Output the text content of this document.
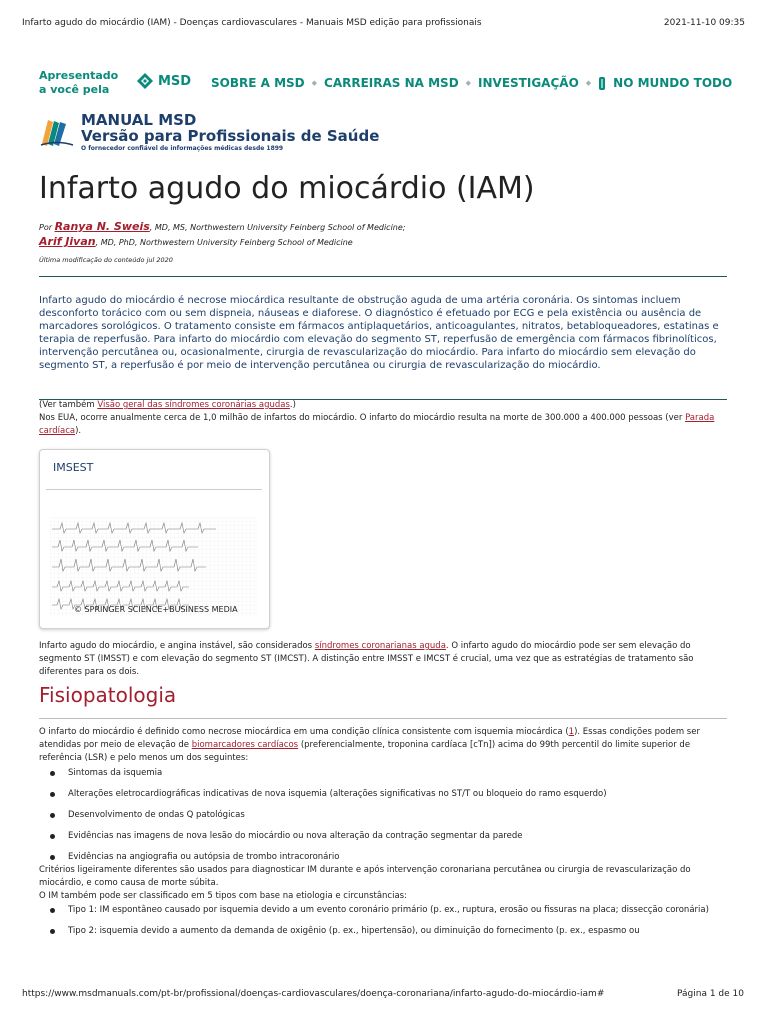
Infarto agudo do miocárdio (IAM) - Doenças cardiovasculares - Manuais MSD edição para profissionais	2021-11-10 09:35
Apresentado
a você pela
MSD SOBRE A MSD ◆ CARREIRAS NA MSD ◆ INVESTIGAÇÃO ◆ NO MUNDO TODO
MANUAL MSD
Versão para Profissionais de Saúde
O fornecedor confiável de informações médicas desde 1899
Infarto agudo do miocárdio (IAM)
Por Ranya N. Sweis, MD, MS, Northwestern University Feinberg School of Medicine;
Arif Jivan, MD, PhD, Northwestern University Feinberg School of Medicine
Última modificação do conteúdo jul 2020
Infarto agudo do miocárdio é necrose miocárdica resultante de obstrução aguda de uma artéria coronária. Os sintomas incluem desconforto torácico com ou sem dispneia, náuseas e diaforese. O diagnóstico é efetuado por ECG e pela existência ou ausência de marcadores sorológicos. O tratamento consiste em fármacos antiplaquetários, anticoagulantes, nitratos, betabloqueadores, estatinas e terapia de reperfusão. Para infarto do miocárdio com elevação do segmento ST, reperfusão de emergência com fármacos fibrinolíticos, intervenção percutânea ou, ocasionalmente, cirurgia de revascularização do miocárdio. Para infarto do miocárdio sem elevação do segmento ST, a reperfusão é por meio de intervenção percutânea ou cirurgia de revascularização do miocárdio.
(Ver também Visão geral das síndromes coronárias agudas.)
Nos EUA, ocorre anualmente cerca de 1,0 milhão de infartos do miocárdio. O infarto do miocárdio resulta na morte de 300.000 a 400.000 pessoas (ver Parada cardíaca).
IMSEST
© SPRINGER SCIENCE+BUSINESS MEDIA
Infarto agudo do miocárdio, e angina instável, são considerados síndromes coronarianas aguda. O infarto agudo do miocárdio pode ser sem elevação do segmento ST (IMSST) e com elevação do segmento ST (IMCST). A distinção entre IMSST e IMCST é crucial, uma vez que as estratégias de tratamento são diferentes para os dois.
Fisiopatologia
O infarto do miocárdio é definido como necrose miocárdica em uma condição clínica consistente com isquemia miocárdica (1). Essas condições podem ser atendidas por meio de elevação de biomarcadores cardíacos (preferencialmente, troponina cardíaca [cTn]) acima do 99th percentil do limite superior de referência (LSR) e pelo menos um dos seguintes:
Sintomas da isquemia
Alterações eletrocardiográficas indicativas de nova isquemia (alterações significativas no ST/T ou bloqueio do ramo esquerdo)
Desenvolvimento de ondas Q patológicas
Evidências nas imagens de nova lesão do miocárdio ou nova alteração da contração segmentar da parede
Evidências na angiografia ou autópsia de trombo intracoronário
Critérios ligeiramente diferentes são usados para diagnosticar IM durante e após intervenção coronariana percutânea ou cirurgia de revascularização do miocárdio, e como causa de morte súbita.
O IM também pode ser classificado em 5 tipos com base na etiologia e circunstâncias:
Tipo 1: IM espontâneo causado por isquemia devido a um evento coronário primário (p. ex., ruptura, erosão ou fissuras na placa; dissecção coronária)
Tipo 2: isquemia devido a aumento da demanda de oxigênio (p. ex., hipertensão), ou diminuição do fornecimento (p. ex., espasmo ou
https://www.msdmanuals.com/pt-br/profissional/doenças-cardiovasculares/doença-coronariana/infarto-agudo-do-miocárdio-iam#	Página 1 de 10
